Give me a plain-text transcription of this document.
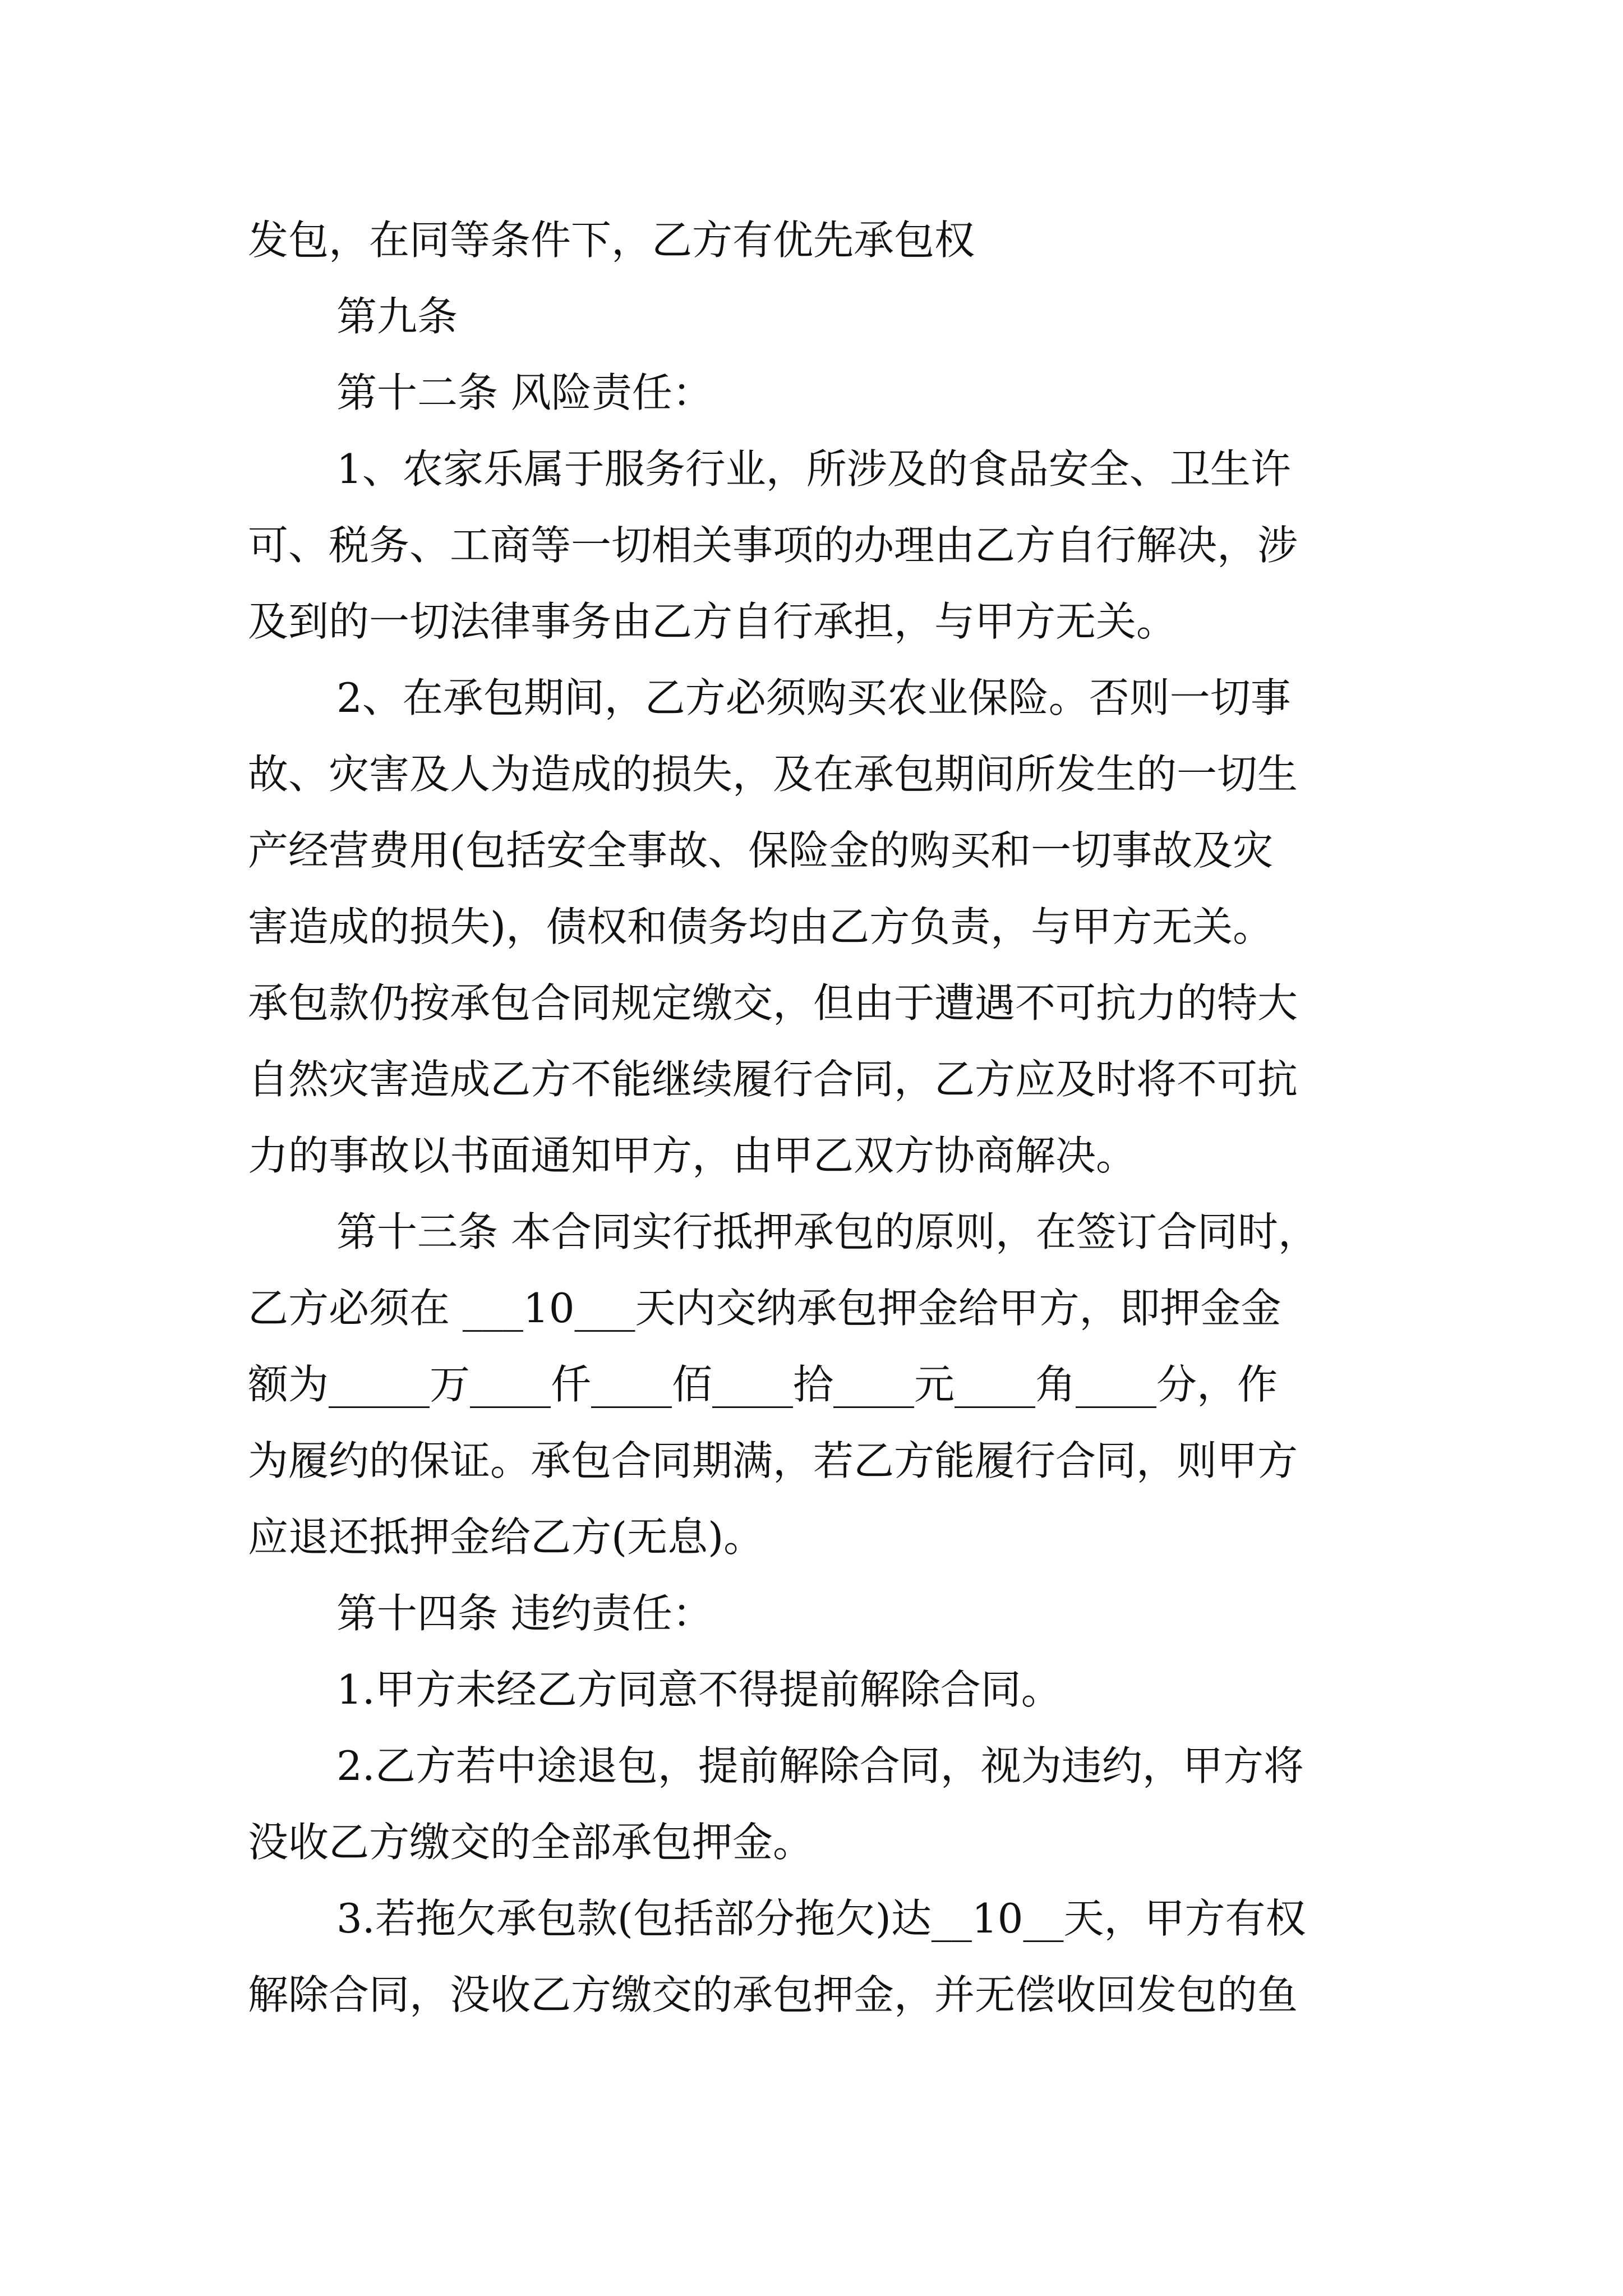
发包，在同等条件下，乙方有优先承包权
第九条
第十二条 风险责任：
1、农家乐属于服务行业，所涉及的食品安全、卫生许
可、税务、工商等一切相关事项的办理由乙方自行解决，涉
及到的一切法律事务由乙方自行承担，与甲方无关。
2、在承包期间，乙方必须购买农业保险。否则一切事
故、灾害及人为造成的损失，及在承包期间所发生的一切生
产经营费用(包括安全事故、保险金的购买和一切事故及灾
害造成的损失)，债权和债务均由乙方负责，与甲方无关。
承包款仍按承包合同规定缴交，但由于遭遇不可抗力的特大
自然灾害造成乙方不能继续履行合同，乙方应及时将不可抗
力的事故以书面通知甲方，由甲乙双方协商解决。
第十三条 本合同实行抵押承包的原则，在签订合同时，
乙方必须在 ___10___天内交纳承包押金给甲方，即押金金
额为_____万____仟____佰____拾____元____角____分，作
为履约的保证。承包合同期满，若乙方能履行合同，则甲方
应退还抵押金给乙方(无息)。
第十四条 违约责任：
1.甲方未经乙方同意不得提前解除合同。
2.乙方若中途退包，提前解除合同，视为违约，甲方将
没收乙方缴交的全部承包押金。
3.若拖欠承包款(包括部分拖欠)达__10__天，甲方有权
解除合同，没收乙方缴交的承包押金，并无偿收回发包的鱼
